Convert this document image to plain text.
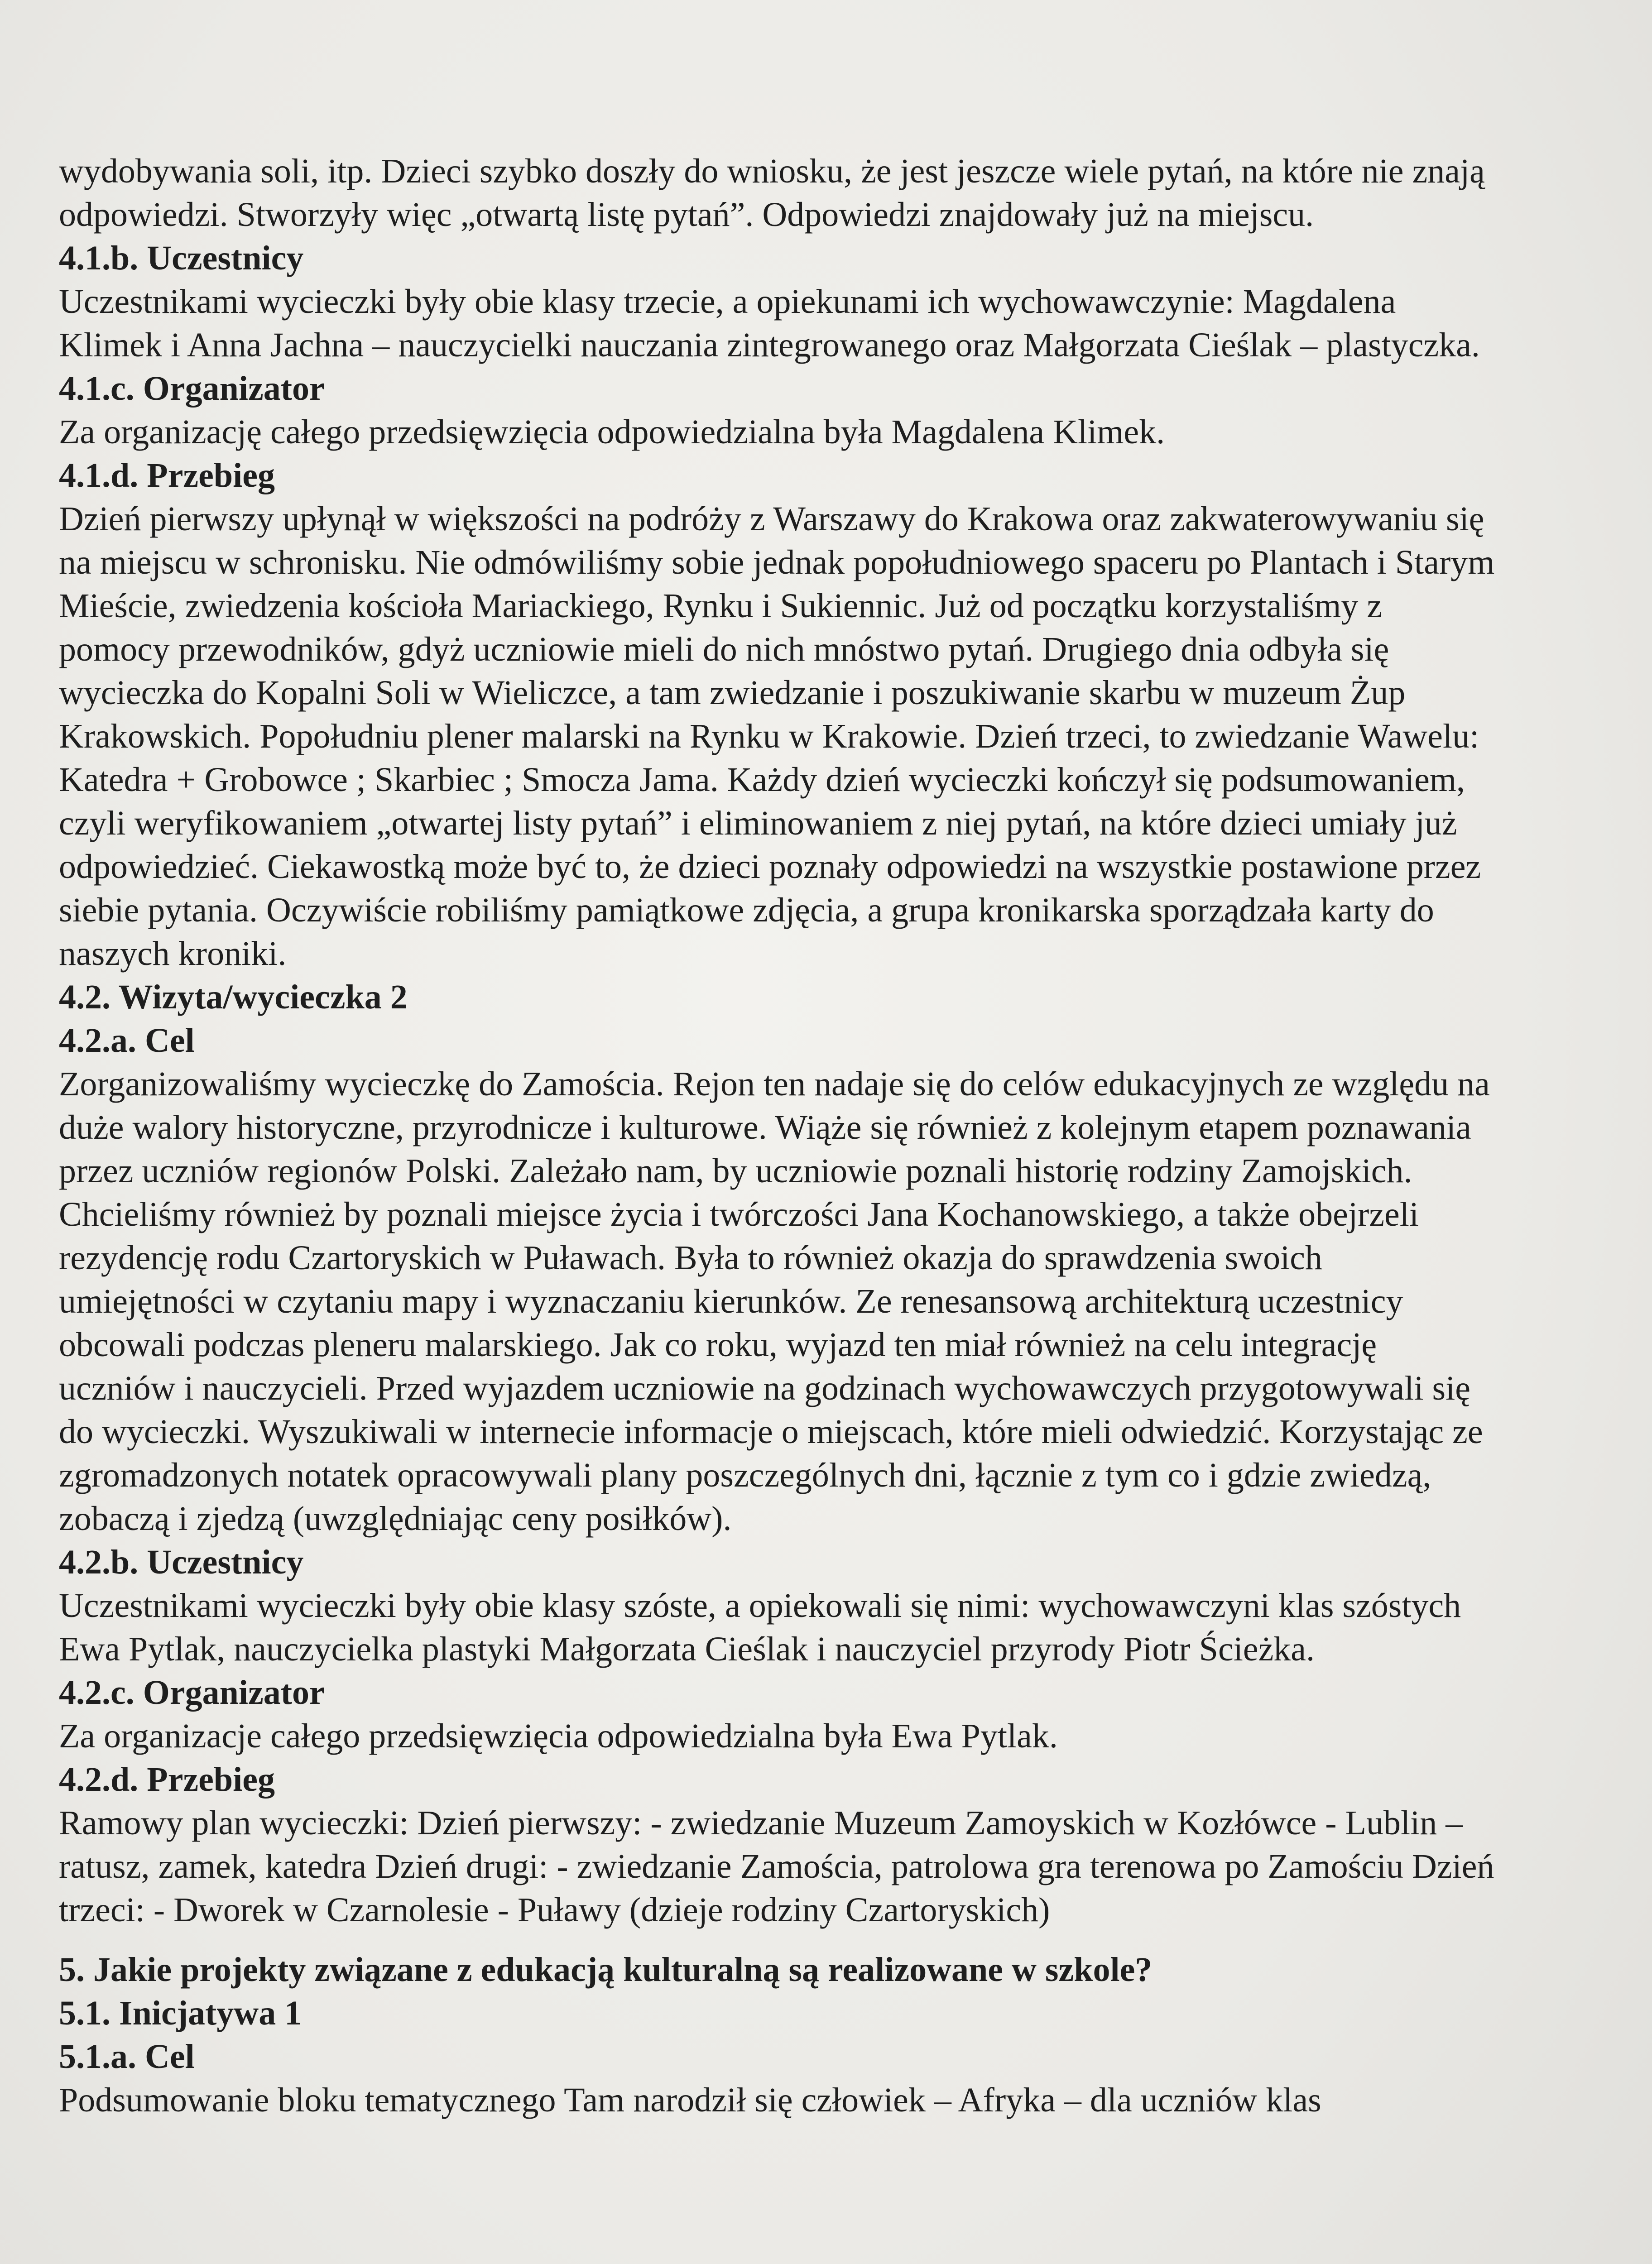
wydobywania soli, itp. Dzieci szybko doszły do wniosku, że jest jeszcze wiele pytań, na które nie znają odpowiedzi. Stworzyły więc „otwartą listę pytań”. Odpowiedzi znajdowały już na miejscu.

4.1.b. Uczestnicy

Uczestnikami wycieczki były obie klasy trzecie, a opiekunami ich wychowawczynie: Magdalena Klimek i Anna Jachna – nauczycielki nauczania zintegrowanego oraz Małgorzata Cieślak – plastyczka.

4.1.c. Organizator

Za organizację całego przedsięwzięcia odpowiedzialna była Magdalena Klimek.

4.1.d. Przebieg

Dzień pierwszy upłynął w większości na podróży z Warszawy do Krakowa oraz zakwaterowywaniu się na miejscu w schronisku. Nie odmówiliśmy sobie jednak popołudniowego spaceru po Plantach i Starym Mieście, zwiedzenia kościoła Mariackiego, Rynku i Sukiennic. Już od początku korzystaliśmy z pomocy przewodników, gdyż uczniowie mieli do nich mnóstwo pytań. Drugiego dnia odbyła się wycieczka do Kopalni Soli w Wieliczce, a tam zwiedzanie i poszukiwanie skarbu w muzeum Żup Krakowskich. Popołudniu plener malarski na Rynku w Krakowie. Dzień trzeci, to zwiedzanie Wawelu: Katedra + Grobowce ; Skarbiec ; Smocza Jama. Każdy dzień wycieczki kończył się podsumowaniem, czyli weryfikowaniem „otwartej listy pytań” i eliminowaniem z niej pytań, na które dzieci umiały już odpowiedzieć. Ciekawostką może być to, że dzieci poznały odpowiedzi na wszystkie postawione przez siebie pytania. Oczywiście robiliśmy pamiątkowe zdjęcia, a grupa kronikarska sporządzała karty do naszych kroniki.

4.2. Wizyta/wycieczka 2

4.2.a. Cel

Zorganizowaliśmy wycieczkę do Zamościa. Rejon ten nadaje się do celów edukacyjnych ze względu na duże walory historyczne, przyrodnicze i kulturowe. Wiąże się również z kolejnym etapem poznawania przez uczniów regionów Polski. Zależało nam, by uczniowie poznali historię rodziny Zamojskich. Chcieliśmy również by poznali miejsce życia i twórczości Jana Kochanowskiego, a także obejrzeli rezydencję rodu Czartoryskich w Puławach. Była to również okazja do sprawdzenia swoich umiejętności w czytaniu mapy i wyznaczaniu kierunków. Ze renesansową architekturą uczestnicy obcowali podczas pleneru malarskiego. Jak co roku, wyjazd ten miał również na celu integrację uczniów i nauczycieli. Przed wyjazdem uczniowie na godzinach wychowawczych przygotowywali się do wycieczki. Wyszukiwali w internecie informacje o miejscach, które mieli odwiedzić. Korzystając ze zgromadzonych notatek opracowywali plany poszczególnych dni, łącznie z tym co i gdzie zwiedzą, zobaczą i zjedzą (uwzględniając ceny posiłków).

4.2.b. Uczestnicy

Uczestnikami wycieczki były obie klasy szóste, a opiekowali się nimi: wychowawczyni klas szóstych Ewa Pytlak, nauczycielka plastyki Małgorzata Cieślak i nauczyciel przyrody Piotr Ścieżka.

4.2.c. Organizator

Za organizacje całego przedsięwzięcia odpowiedzialna była Ewa Pytlak.

4.2.d. Przebieg

Ramowy plan wycieczki: Dzień pierwszy: - zwiedzanie Muzeum Zamoyskich w Kozłówce - Lublin – ratusz, zamek, katedra Dzień drugi: - zwiedzanie Zamościa, patrolowa gra terenowa po Zamościu Dzień trzeci: - Dworek w Czarnolesie - Puławy (dzieje rodziny Czartoryskich)

5. Jakie projekty związane z edukacją kulturalną są realizowane w szkole?

5.1. Inicjatywa 1

5.1.a. Cel

Podsumowanie bloku tematycznego Tam narodził się człowiek – Afryka – dla uczniów klas
